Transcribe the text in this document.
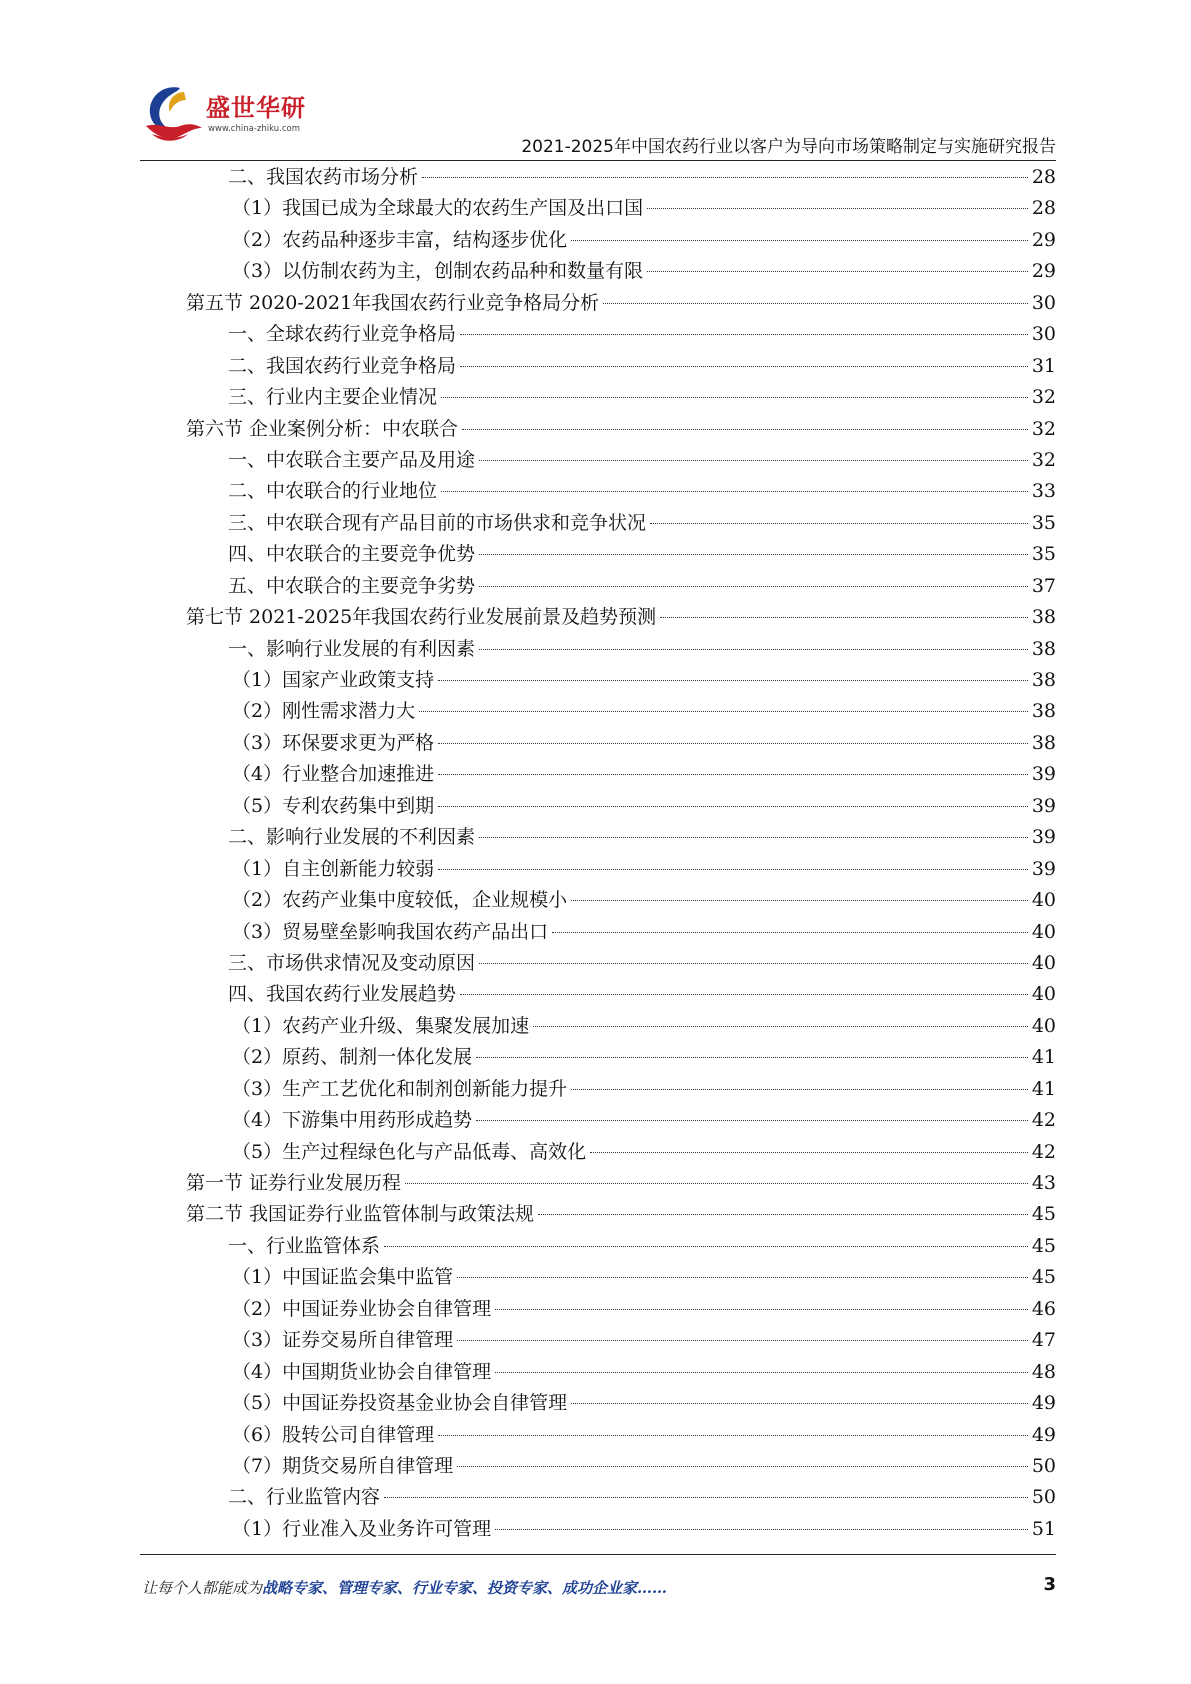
盛世华研
www.china-zhiku.com
2021-2025年中国农药行业以客户为导向市场策略制定与实施研究报告
二、我国农药市场分析	28
（1）我国已成为全球最大的农药生产国及出口国	28
（2）农药品种逐步丰富，结构逐步优化	29
（3）以仿制农药为主，创制农药品种和数量有限	29
第五节 2020-2021年我国农药行业竞争格局分析	30
一、全球农药行业竞争格局	30
二、我国农药行业竞争格局	31
三、行业内主要企业情况	32
第六节 企业案例分析：中农联合	32
一、中农联合主要产品及用途	32
二、中农联合的行业地位	33
三、中农联合现有产品目前的市场供求和竞争状况	35
四、中农联合的主要竞争优势	35
五、中农联合的主要竞争劣势	37
第七节 2021-2025年我国农药行业发展前景及趋势预测	38
一、影响行业发展的有利因素	38
（1）国家产业政策支持	38
（2）刚性需求潜力大	38
（3）环保要求更为严格	38
（4）行业整合加速推进	39
（5）专利农药集中到期	39
二、影响行业发展的不利因素	39
（1）自主创新能力较弱	39
（2）农药产业集中度较低，企业规模小	40
（3）贸易壁垒影响我国农药产品出口	40
三、市场供求情况及变动原因	40
四、我国农药行业发展趋势	40
（1）农药产业升级、集聚发展加速	40
（2）原药、制剂一体化发展	41
（3）生产工艺优化和制剂创新能力提升	41
（4）下游集中用药形成趋势	42
（5）生产过程绿色化与产品低毒、高效化	42
第一节 证券行业发展历程	43
第二节 我国证券行业监管体制与政策法规	45
一、行业监管体系	45
（1）中国证监会集中监管	45
（2）中国证券业协会自律管理	46
（3）证券交易所自律管理	47
（4）中国期货业协会自律管理	48
（5）中国证券投资基金业协会自律管理	49
（6）股转公司自律管理	49
（7）期货交易所自律管理	50
二、行业监管内容	50
（1）行业准入及业务许可管理	51
让每个人都能成为战略专家、管理专家、行业专家、投资专家、成功企业家……	3
